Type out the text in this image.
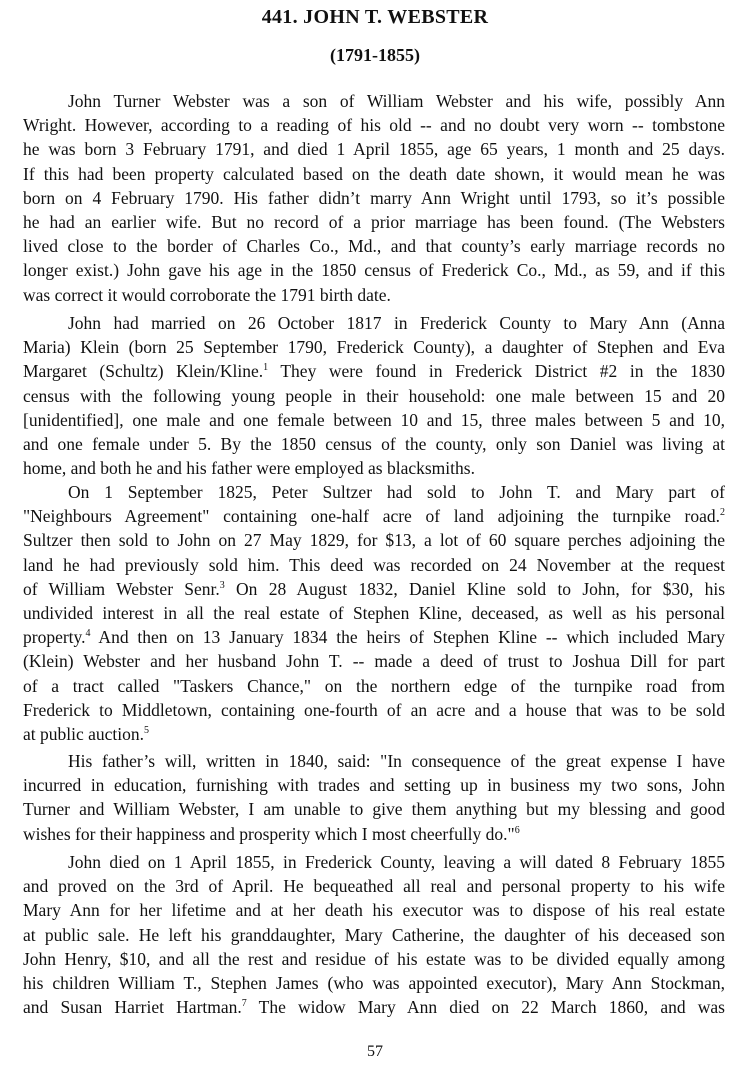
441. JOHN T. WEBSTER
(1791-1855)
John Turner Webster was a son of William Webster and his wife, possibly Ann
Wright. However, according to a reading of his old -- and no doubt very worn -- tombstone
he was born 3 February 1791, and died 1 April 1855, age 65 years, 1 month and 25 days.
If this had been property calculated based on the death date shown, it would mean he was
born on 4 February 1790. His father didn’t marry Ann Wright until 1793, so it’s possible
he had an earlier wife. But no record of a prior marriage has been found. (The Websters
lived close to the border of Charles Co., Md., and that county’s early marriage records no
longer exist.) John gave his age in the 1850 census of Frederick Co., Md., as 59, and if this
was correct it would corroborate the 1791 birth date.
John had married on 26 October 1817 in Frederick County to Mary Ann (Anna
Maria) Klein (born 25 September 1790, Frederick County), a daughter of Stephen and Eva
Margaret (Schultz) Klein/Kline.$^1$ They were found in Frederick District #2 in the 1830
census with the following young people in their household: one male between 15 and 20
[unidentified], one male and one female between 10 and 15, three males between 5 and 10,
and one female under 5. By the 1850 census of the county, only son Daniel was living at
home, and both he and his father were employed as blacksmiths.
On 1 September 1825, Peter Sultzer had sold to John T. and Mary part of
"Neighbours Agreement" containing one-half acre of land adjoining the turnpike road.$^2$
Sultzer then sold to John on 27 May 1829, for $13, a lot of 60 square perches adjoining the
land he had previously sold him. This deed was recorded on 24 November at the request
of William Webster Senr.$^3$ On 28 August 1832, Daniel Kline sold to John, for $30, his
undivided interest in all the real estate of Stephen Kline, deceased, as well as his personal
property.$^4$ And then on 13 January 1834 the heirs of Stephen Kline -- which included Mary
(Klein) Webster and her husband John T. -- made a deed of trust to Joshua Dill for part
of a tract called "Taskers Chance," on the northern edge of the turnpike road from
Frederick to Middletown, containing one-fourth of an acre and a house that was to be sold
at public auction.$^5$
His father’s will, written in 1840, said: "In consequence of the great expense I have
incurred in education, furnishing with trades and setting up in business my two sons, John
Turner and William Webster, I am unable to give them anything but my blessing and good
wishes for their happiness and prosperity which I most cheerfully do."$^6$
John died on 1 April 1855, in Frederick County, leaving a will dated 8 February 1855
and proved on the 3rd of April. He bequeathed all real and personal property to his wife
Mary Ann for her lifetime and at her death his executor was to dispose of his real estate
at public sale. He left his granddaughter, Mary Catherine, the daughter of his deceased son
John Henry, $10, and all the rest and residue of his estate was to be divided equally among
his children William T., Stephen James (who was appointed executor), Mary Ann Stockman,
and Susan Harriet Hartman.$^7$ The widow Mary Ann died on 22 March 1860, and was
57
